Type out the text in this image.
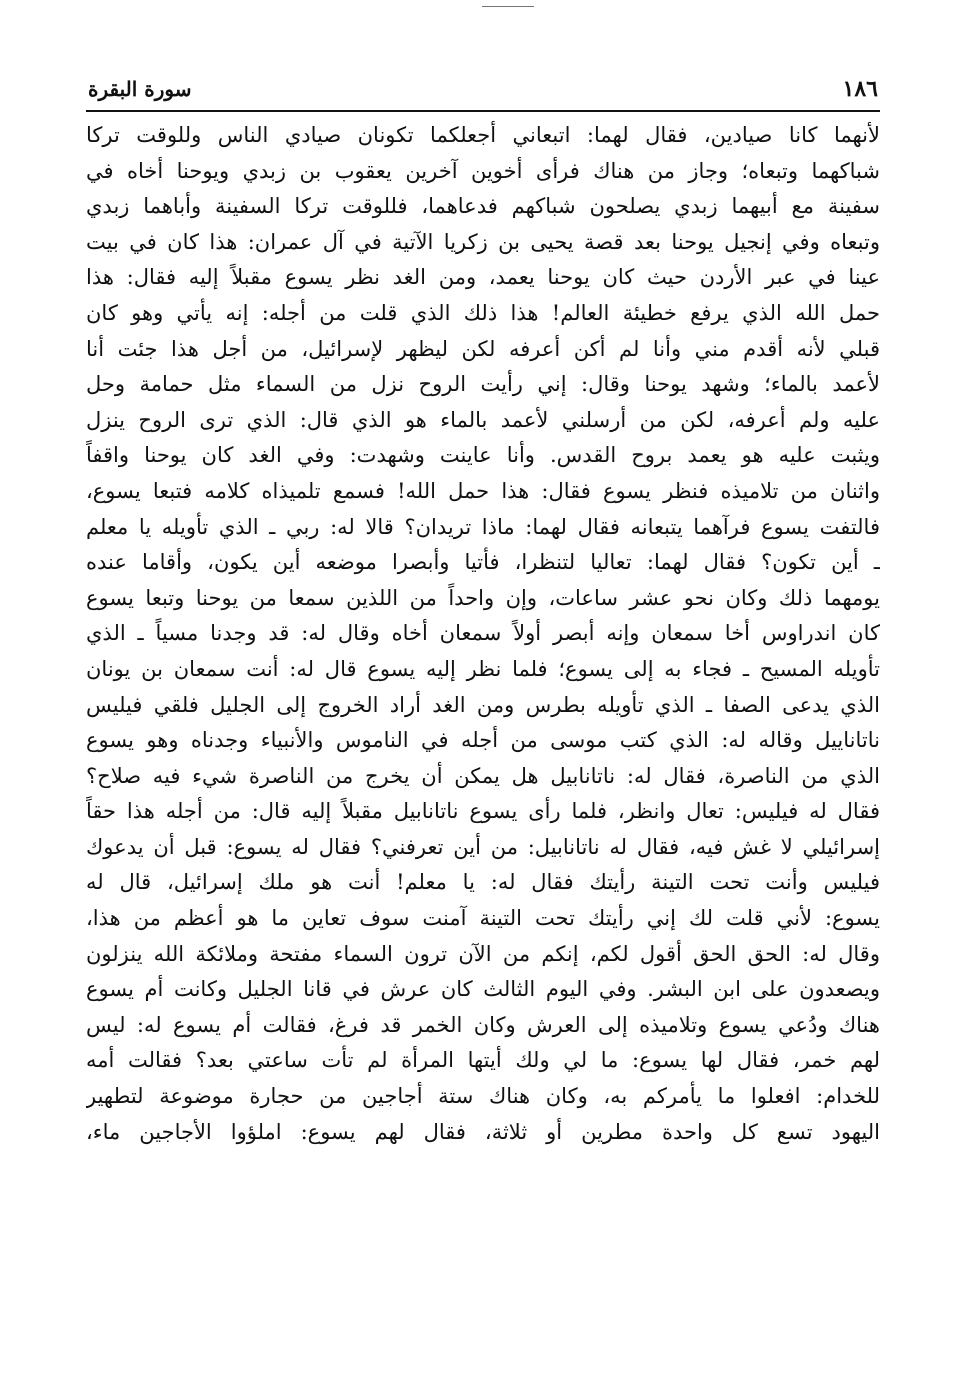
١٨٦
سورة البقرة
لأنهما كانا صيادين، فقال لهما: اتبعاني أجعلكما تكونان صيادي الناس وللوقت تركا
شباكهما وتبعاه؛ وجاز من هناك فرأى أخوين آخرين يعقوب بن زبدي ويوحنا أخاه في
سفينة مع أبيهما زبدي يصلحون شباكهم فدعاهما، فللوقت تركا السفينة وأباهما زبدي
وتبعاه وفي إنجيل يوحنا بعد قصة يحيى بن زكريا الآتية في آل عمران: هذا كان في بيت
عينا في عبر الأردن حيث كان يوحنا يعمد، ومن الغد نظر يسوع مقبلاً إليه فقال: هذا
حمل الله الذي يرفع خطيئة العالم! هذا ذلك الذي قلت من أجله: إنه يأتي وهو كان
قبلي لأنه أقدم مني وأنا لم أكن أعرفه لكن ليظهر لإسرائيل، من أجل هذا جئت أنا
لأعمد بالماء؛ وشهد يوحنا وقال: إني رأيت الروح نزل من السماء مثل حمامة وحل
عليه ولم أعرفه، لكن من أرسلني لأعمد بالماء هو الذي قال: الذي ترى الروح ينزل
ويثبت عليه هو يعمد بروح القدس. وأنا عاينت وشهدت: وفي الغد كان يوحنا واقفاً
واثنان من تلاميذه فنظر يسوع فقال: هذا حمل الله! فسمع تلميذاه كلامه فتبعا يسوع،
فالتفت يسوع فرآهما يتبعانه فقال لهما: ماذا تريدان؟ قالا له: ربي ـ الذي تأويله يا معلم
ـ أين تكون؟ فقال لهما: تعاليا لتنظرا، فأتيا وأبصرا موضعه أين يكون، وأقاما عنده
يومهما ذلك وكان نحو عشر ساعات، وإن واحداً من اللذين سمعا من يوحنا وتبعا يسوع
كان اندراوس أخا سمعان وإنه أبصر أولاً سمعان أخاه وقال له: قد وجدنا مسياً ـ الذي
تأويله المسيح ـ فجاء به إلى يسوع؛ فلما نظر إليه يسوع قال له: أنت سمعان بن يونان
الذي يدعى الصفا ـ الذي تأويله بطرس ومن الغد أراد الخروج إلى الجليل فلقي فيليس
ناتاناييل وقاله له: الذي كتب موسى من أجله في الناموس والأنبياء وجدناه وهو يسوع
الذي من الناصرة، فقال له: ناتانابيل هل يمكن أن يخرج من الناصرة شيء فيه صلاح؟
فقال له فيليس: تعال وانظر، فلما رأى يسوع ناتانابيل مقبلاً إليه قال: من أجله هذا حقاً
إسرائيلي لا غش فيه، فقال له ناتانابيل: من أين تعرفني؟ فقال له يسوع: قبل أن يدعوك
فيليس وأنت تحت التينة رأيتك فقال له: يا معلم! أنت هو ملك إسرائيل، قال له
يسوع: لأني قلت لك إني رأيتك تحت التينة آمنت سوف تعاين ما هو أعظم من هذا،
وقال له: الحق الحق أقول لكم، إنكم من الآن ترون السماء مفتحة وملائكة الله ينزلون
ويصعدون على ابن البشر. وفي اليوم الثالث كان عرش في قانا الجليل وكانت أم يسوع
هناك ودُعي يسوع وتلاميذه إلى العرش وكان الخمر قد فرغ، فقالت أم يسوع له: ليس
لهم خمر، فقال لها يسوع: ما لي ولك أيتها المرأة لم تأت ساعتي بعد؟ فقالت أمه
للخدام: افعلوا ما يأمركم به، وكان هناك ستة أجاجين من حجارة موضوعة لتطهير
اليهود تسع كل واحدة مطرين أو ثلاثة، فقال لهم يسوع: املؤوا الأجاجين ماء،
